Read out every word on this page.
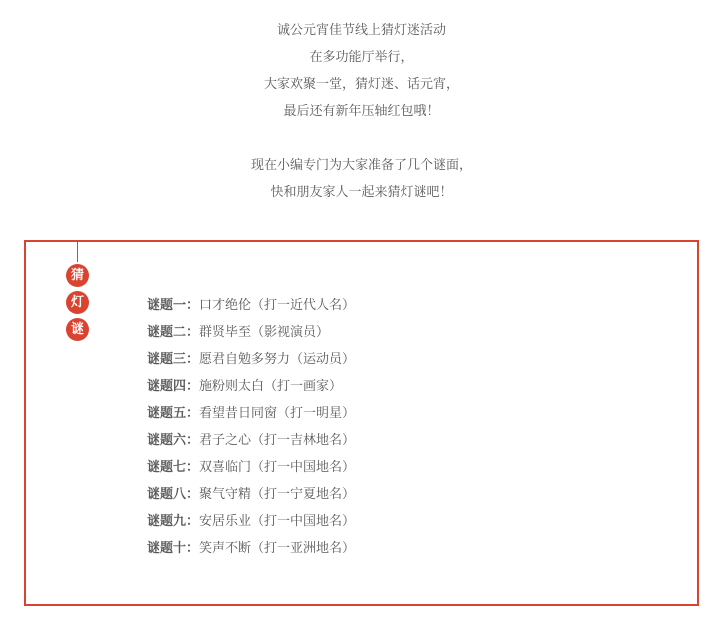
诚公元宵佳节线上猜灯迷活动
在多功能厅举行，
大家欢聚一堂，猜灯迷、话元宵，
最后还有新年压轴红包哦！
现在小编专门为大家准备了几个谜面，
快和朋友家人一起来猜灯谜吧！
猜
灯
谜
谜题一：口才绝伦（打一近代人名）
谜题二：群贤毕至（影视演员）
谜题三：愿君自勉多努力（运动员）
谜题四：施粉则太白（打一画家）
谜题五：看望昔日同窗（打一明星）
谜题六：君子之心（打一吉林地名）
谜题七：双喜临门（打一中国地名）
谜题八：聚气守精（打一宁夏地名）
谜题九：安居乐业（打一中国地名）
谜题十：笑声不断（打一亚洲地名）
